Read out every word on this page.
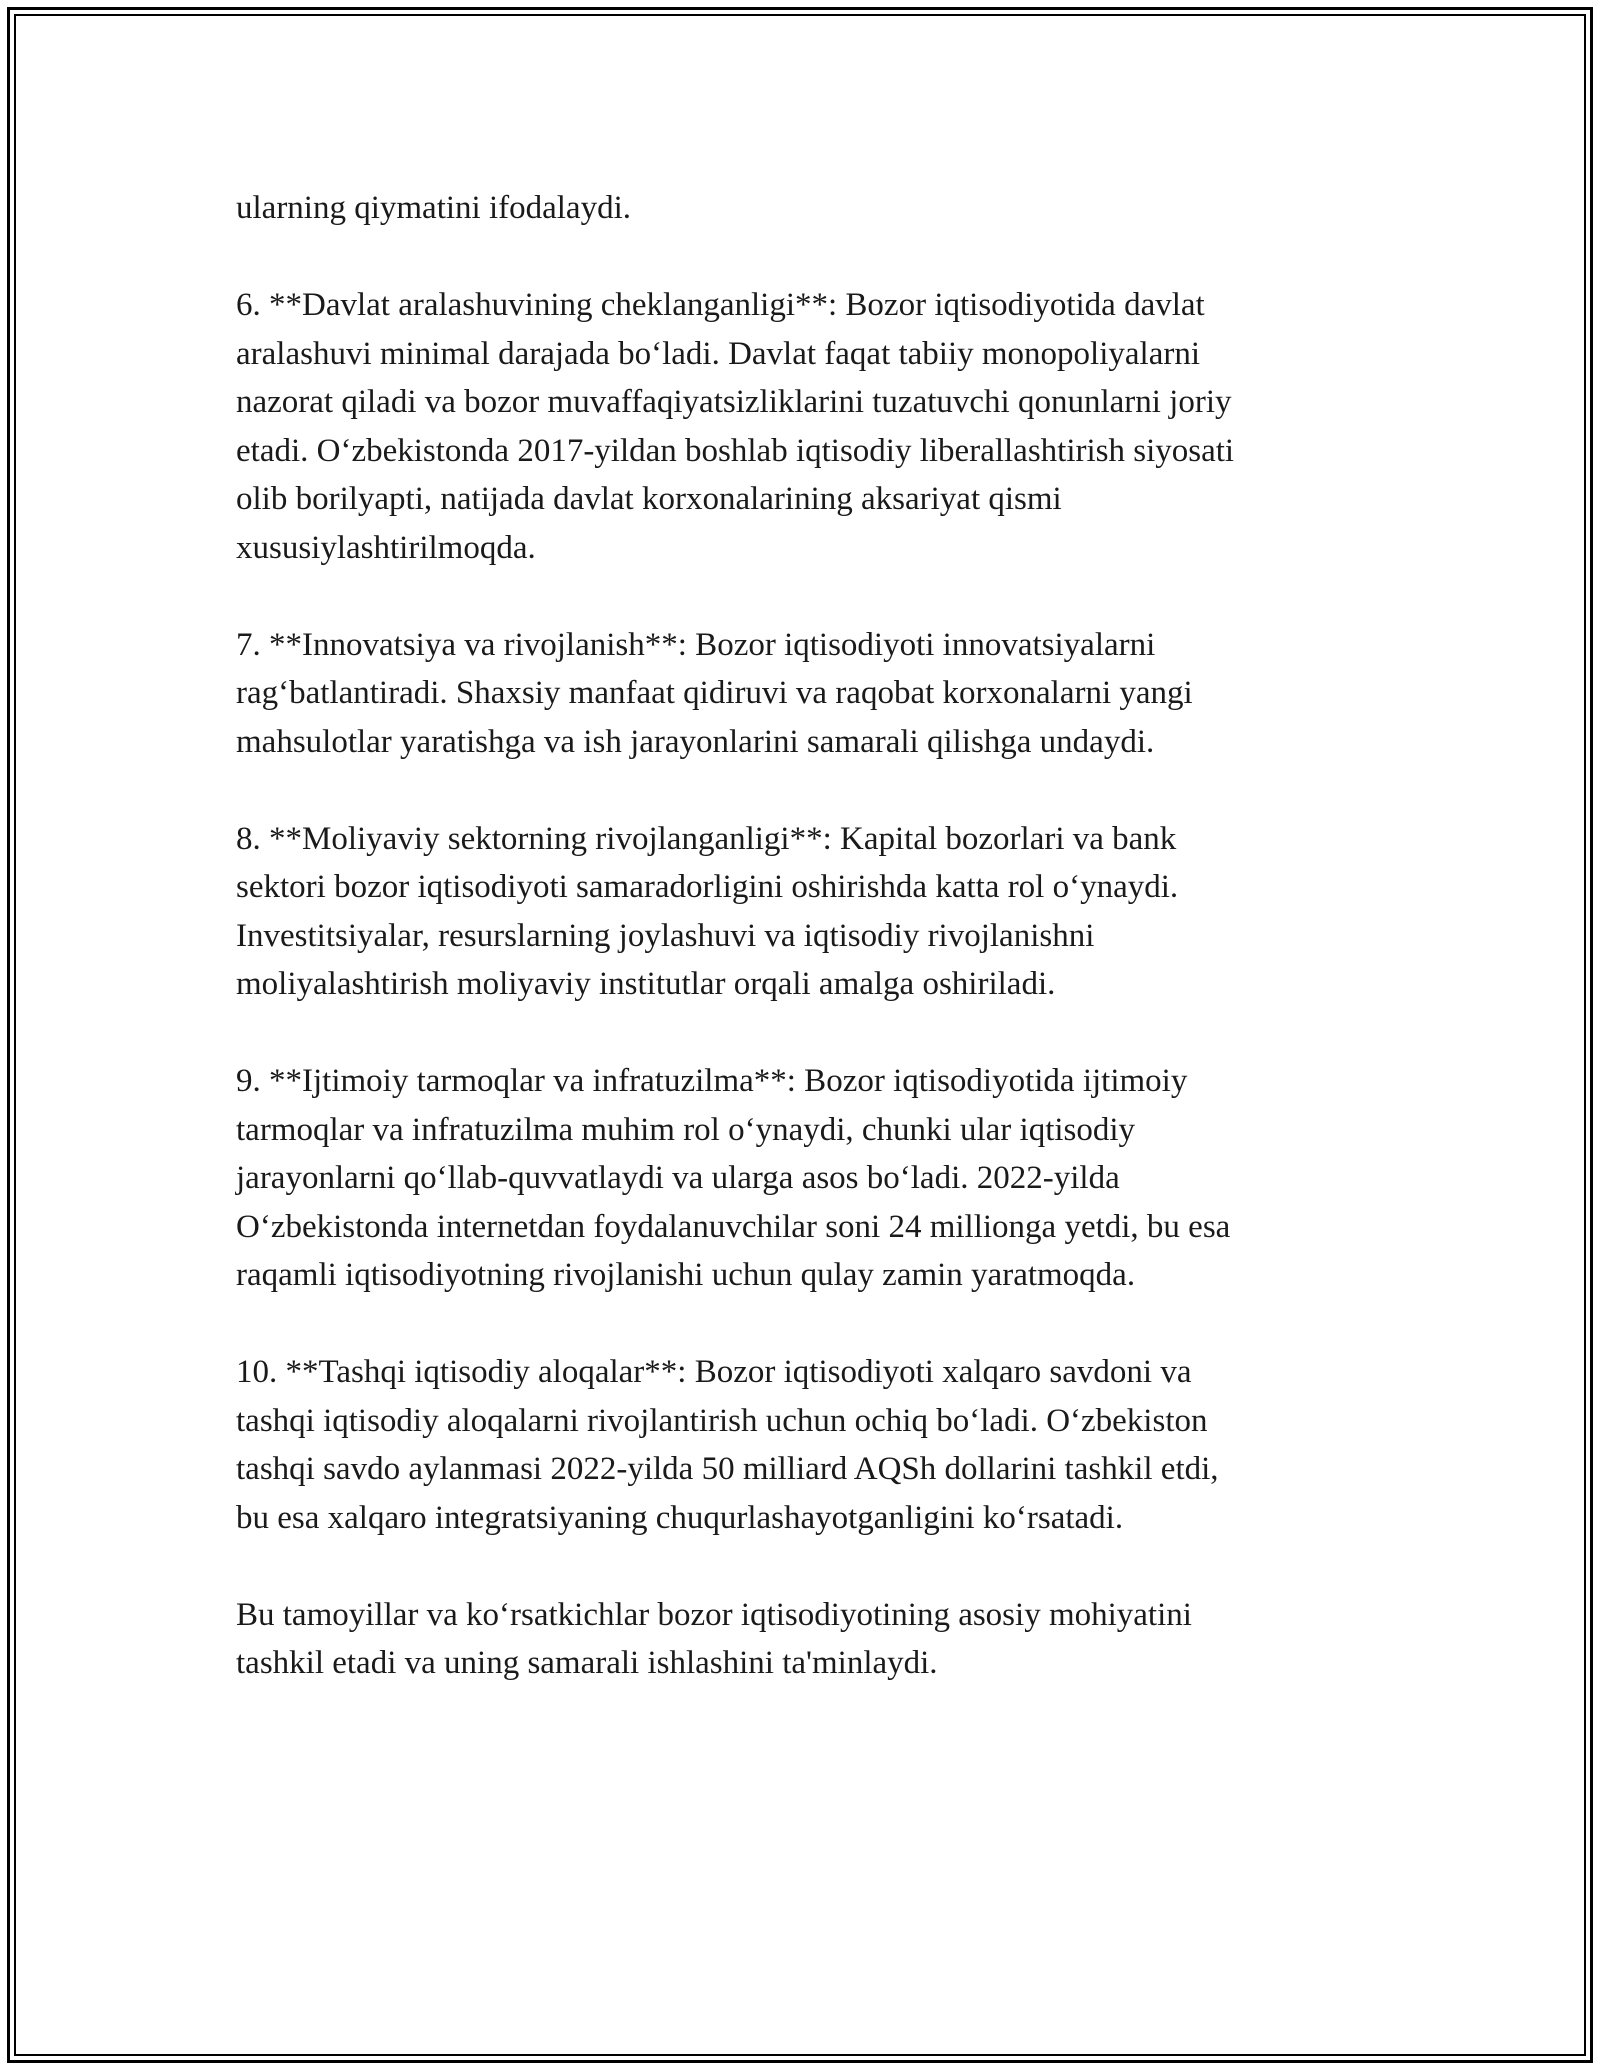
ularning qiymatini ifodalaydi.

6. **Davlat aralashuvining cheklanganligi**: Bozor iqtisodiyotida davlat
aralashuvi minimal darajada bo‘ladi. Davlat faqat tabiiy monopoliyalarni
nazorat qiladi va bozor muvaffaqiyatsizliklarini tuzatuvchi qonunlarni joriy
etadi. O‘zbekistonda 2017-yildan boshlab iqtisodiy liberallashtirish siyosati
olib borilyapti, natijada davlat korxonalarining aksariyat qismi
xususiylashtirilmoqda.

7. **Innovatsiya va rivojlanish**: Bozor iqtisodiyoti innovatsiyalarni
rag‘batlantiradi. Shaxsiy manfaat qidiruvi va raqobat korxonalarni yangi
mahsulotlar yaratishga va ish jarayonlarini samarali qilishga undaydi.

8. **Moliyaviy sektorning rivojlanganligi**: Kapital bozorlari va bank
sektori bozor iqtisodiyoti samaradorligini oshirishda katta rol o‘ynaydi.
Investitsiyalar, resurslarning joylashuvi va iqtisodiy rivojlanishni
moliyalashtirish moliyaviy institutlar orqali amalga oshiriladi.

9. **Ijtimoiy tarmoqlar va infratuzilma**: Bozor iqtisodiyotida ijtimoiy
tarmoqlar va infratuzilma muhim rol o‘ynaydi, chunki ular iqtisodiy
jarayonlarni qo‘llab-quvvatlaydi va ularga asos bo‘ladi. 2022-yilda
O‘zbekistonda internetdan foydalanuvchilar soni 24 millionga yetdi, bu esa
raqamli iqtisodiyotning rivojlanishi uchun qulay zamin yaratmoqda.

10. **Tashqi iqtisodiy aloqalar**: Bozor iqtisodiyoti xalqaro savdoni va
tashqi iqtisodiy aloqalarni rivojlantirish uchun ochiq bo‘ladi. O‘zbekiston
tashqi savdo aylanmasi 2022-yilda 50 milliard AQSh dollarini tashkil etdi,
bu esa xalqaro integratsiyaning chuqurlashayotganligini ko‘rsatadi.

Bu tamoyillar va ko‘rsatkichlar bozor iqtisodiyotining asosiy mohiyatini
tashkil etadi va uning samarali ishlashini ta'minlaydi.
